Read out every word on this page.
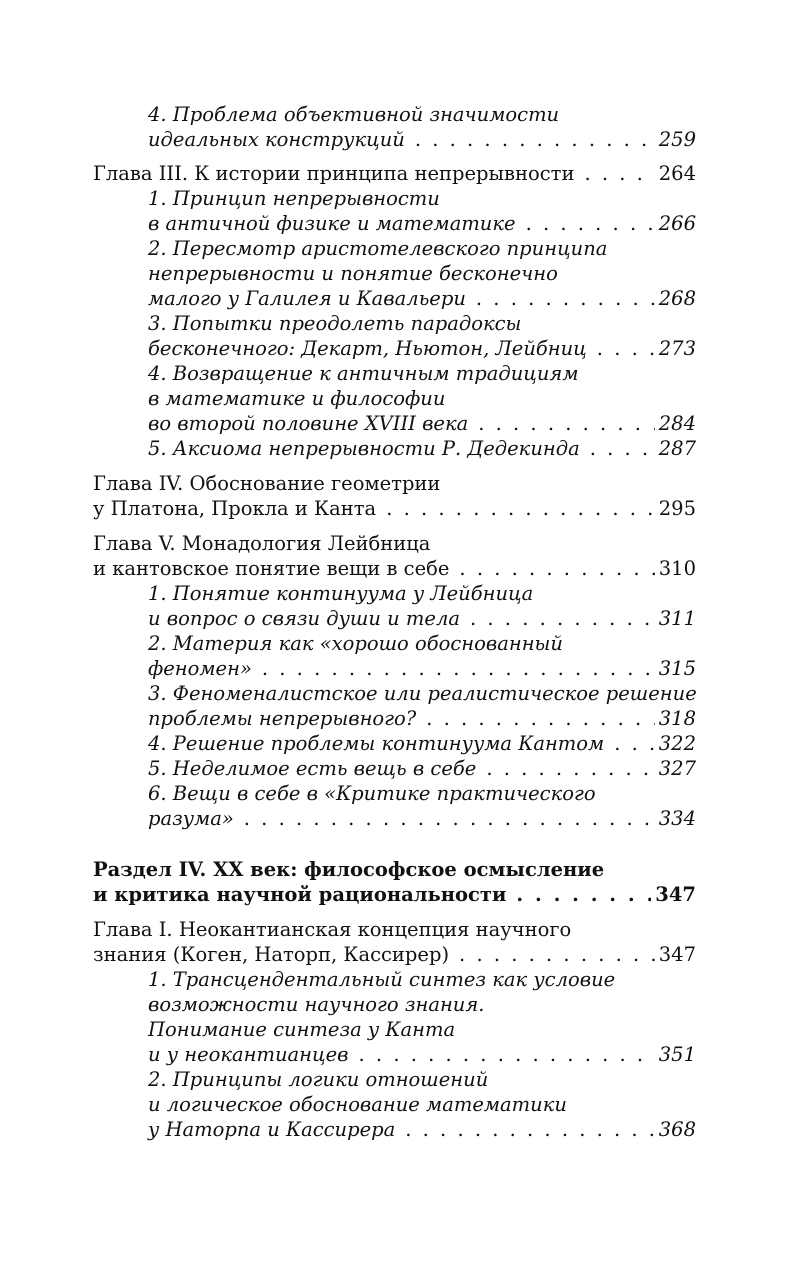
4. Проблема объективной значимости
идеальных конструкций . . .	259
Глава III. К истории принципа непрерывности . . .	264
1. Принцип непрерывности
в античной физике и математике . . .	266
2. Пересмотр аристотелевского принципа
непрерывности и понятие бесконечно
малого у Галилея и Кавальери . . .	268
3. Попытки преодолеть парадоксы
бесконечного: Декарт, Ньютон, Лейбниц . . .	273
4. Возвращение к античным традициям
в математике и философии
во второй половине XVIII века . . .	284
5. Аксиома непрерывности Р. Дедекинда . . .	287
Глава IV. Обоснование геометрии
у Платона, Прокла и Канта . . .	295
Глава V. Монадология Лейбница
и кантовское понятие вещи в себе . . .	310
1. Понятие континуума у Лейбница
и вопрос о связи души и тела . . .	311
2. Материя как «хорошо обоснованный
феномен» . . .	315
3. Феноменалистское или реалистическое решение
проблемы непрерывного? . . .	318
4. Решение проблемы континуума Кантом . . .	322
5. Неделимое есть вещь в себе . . .	327
6. Вещи в себе в «Критике практического
разума» . . .	334
Раздел IV. XX век: философское осмысление
и критика научной рациональности . . .	347
Глава I. Неокантианская концепция научного
знания (Коген, Наторп, Кассирер) . . .	347
1. Трансцендентальный синтез как условие
возможности научного знания.
Понимание синтеза у Канта
и у неокантианцев . . .	351
2. Принципы логики отношений
и логическое обоснование математики
у Наторпа и Кассирера . . .	368
